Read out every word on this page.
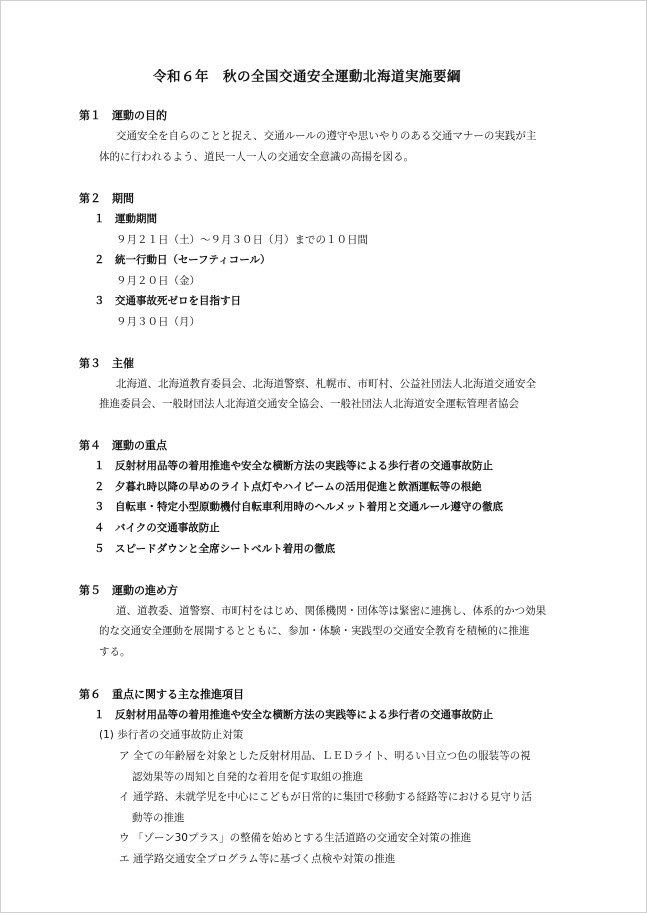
令和６年　秋の全国交通安全運動北海道実施要綱
第１　運動の目的
交通安全を自らのことと捉え、交通ルールの遵守や思いやりのある交通マナーの実践が主
体的に行われるよう、道民一人一人の交通安全意識の高揚を図る。
第２　期間
１　運動期間
９月２１日（土）～９月３０日（月）までの１０日間
２　統一行動日（セーフティコール）
９月２０日（金）
３　交通事故死ゼロを目指す日
９月３０日（月）
第３　主催
北海道、北海道教育委員会、北海道警察、札幌市、市町村、公益社団法人北海道交通安全
推進委員会、一般財団法人北海道交通安全協会、一般社団法人北海道安全運転管理者協会
第４　運動の重点
１　反射材用品等の着用推進や安全な横断方法の実践等による歩行者の交通事故防止
２　夕暮れ時以降の早めのライト点灯やハイビームの活用促進と飲酒運転等の根絶
３　自転車・特定小型原動機付自転車利用時のヘルメット着用と交通ルール遵守の徹底
４　バイクの交通事故防止
５　スピードダウンと全席シートベルト着用の徹底
第５　運動の進め方
道、道教委、道警察、市町村をはじめ、関係機関・団体等は緊密に連携し、体系的かつ効果
的な交通安全運動を展開するとともに、参加・体験・実践型の交通安全教育を積極的に推進
する。
第６　重点に関する主な推進項目
１　反射材用品等の着用推進や安全な横断方法の実践等による歩行者の交通事故防止
(1) 歩行者の交通事故防止対策
ア 全ての年齢層を対象とした反射材用品、ＬＥＤライト、明るい目立つ色の服装等の視
認効果等の周知と自発的な着用を促す取組の推進
イ 通学路、未就学児を中心にこどもが日常的に集団で移動する経路等における見守り活
動等の推進
ウ 「ゾーン30プラス」の整備を始めとする生活道路の交通安全対策の推進
エ 通学路交通安全プログラム等に基づく点検や対策の推進
